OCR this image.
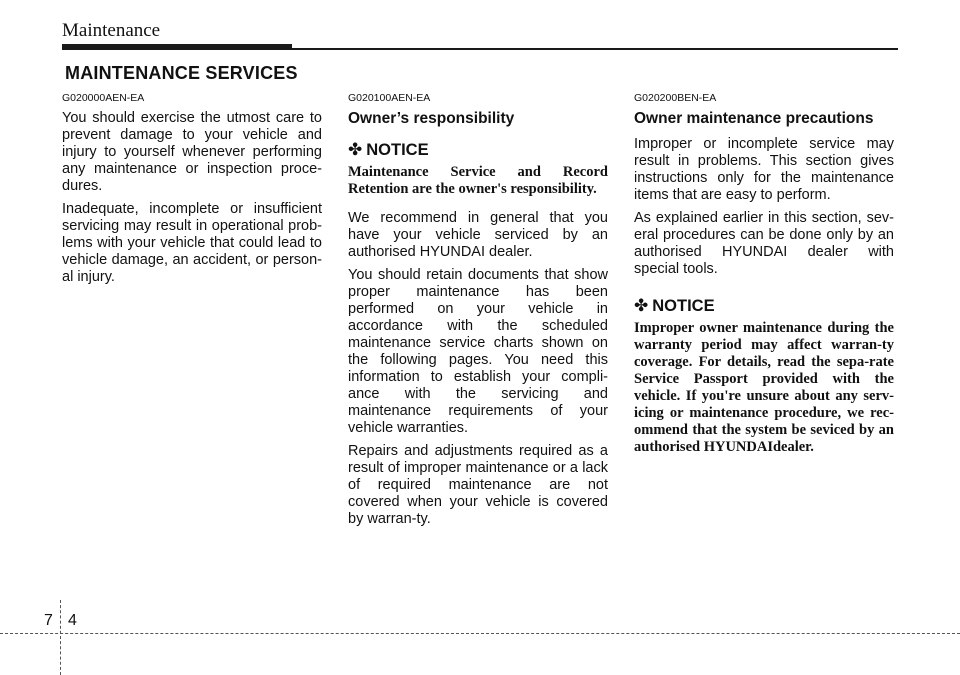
Maintenance
MAINTENANCE SERVICES

G020000AEN-EA

You should exercise the utmost care to prevent damage to your vehicle and injury to yourself whenever performing any maintenance or inspection proce-dures.

Inadequate, incomplete or insufficient servicing may result in operational prob-lems with your vehicle that could lead to vehicle damage, an accident, or person-al injury.

G020100AEN-EA

Owner’s responsibility

✤ NOTICE

Maintenance Service and Record Retention are the owner's responsibility.

We recommend in general that you have your vehicle serviced by an authorised HYUNDAI dealer.

You should retain documents that show proper maintenance has been performed on your vehicle in accordance with the scheduled maintenance service charts shown on the following pages. You need this information to establish your compli-ance with the servicing and maintenance requirements of your vehicle warranties.

Repairs and adjustments required as a result of improper maintenance or a lack of required maintenance are not covered when your vehicle is covered by warran-ty.

G020200BEN-EA

Owner maintenance precautions

Improper or incomplete service may result in problems. This section gives instructions only for the maintenance items that are easy to perform.

As explained earlier in this section, sev-eral procedures can be done only by an authorised HYUNDAI dealer with special tools.

✤ NOTICE

Improper owner maintenance during the warranty period may affect warran-ty coverage. For details, read the sepa-rate Service Passport provided with the vehicle. If you're unsure about any serv-icing or maintenance procedure, we rec-ommend that the system be seviced by an authorised HYUNDAIdealer.

7 4
